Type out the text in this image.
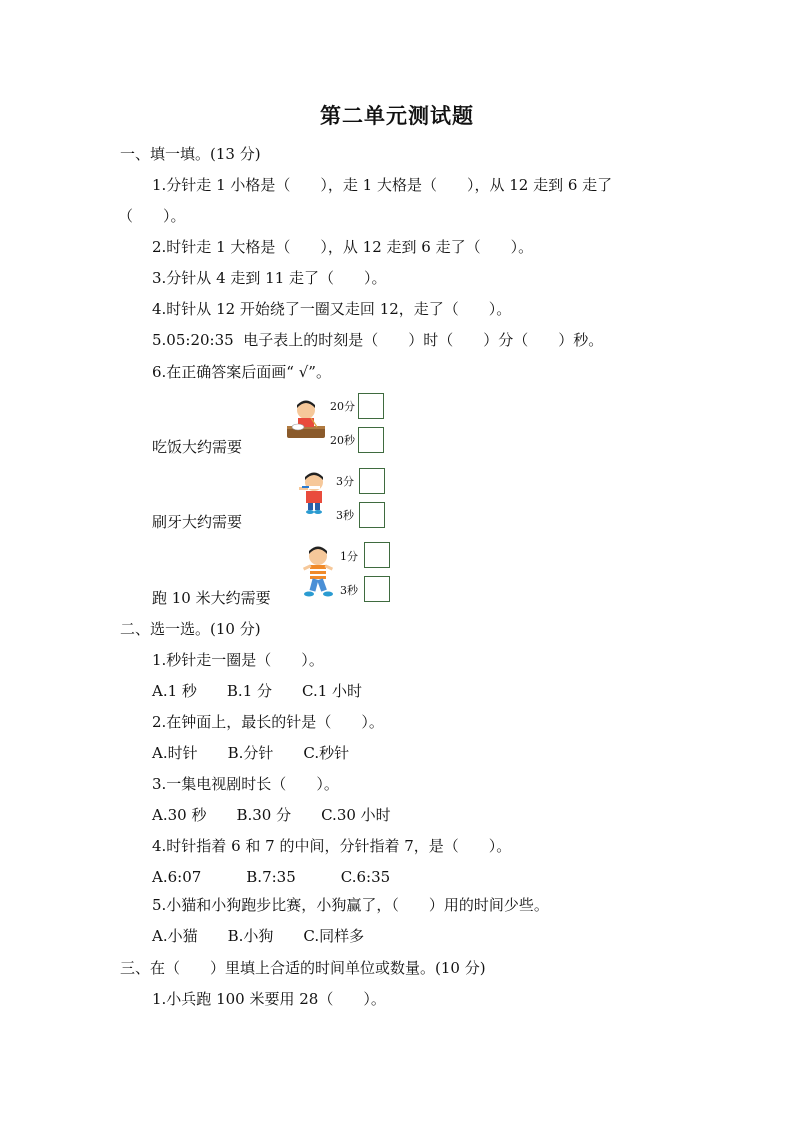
第二单元测试题
一、填一填。(13 分)
1.分针走 1 小格是（　　），走 1 大格是（　　），从 12 走到 6 走了
（　　）。
2.时针走 1 大格是（　　），从 12 走到 6 走了（　　）。
3.分针从 4 走到 11 走了（　　）。
4.时针从 12 开始绕了一圈又走回 12，走了（　　）。
5.05:20:35  电子表上的时刻是（　　）时（　　）分（　　）秒。
6.在正确答案后面画“ √”。
吃饭大约需要
20分
20秒
刷牙大约需要
3分
3秒
跑 10 米大约需要
1分
3秒
二、选一选。(10 分)
1.秒针走一圈是（　　）。
A.1 秒　　B.1 分　　C.1 小时
2.在钟面上，最长的针是（　　）。
A.时针　　B.分针　　C.秒针
3.一集电视剧时长（　　）。
A.30 秒　　B.30 分　　C.30 小时
4.时针指着 6 和 7 的中间，分针指着 7，是（　　）。
A.6:07　　　B.7:35　　　C.6:35
5.小猫和小狗跑步比赛，小狗赢了，（　　）用的时间少些。
A.小猫　　B.小狗　　C.同样多
三、在（　　）里填上合适的时间单位或数量。(10 分)
1.小兵跑 100 米要用 28（　　）。
